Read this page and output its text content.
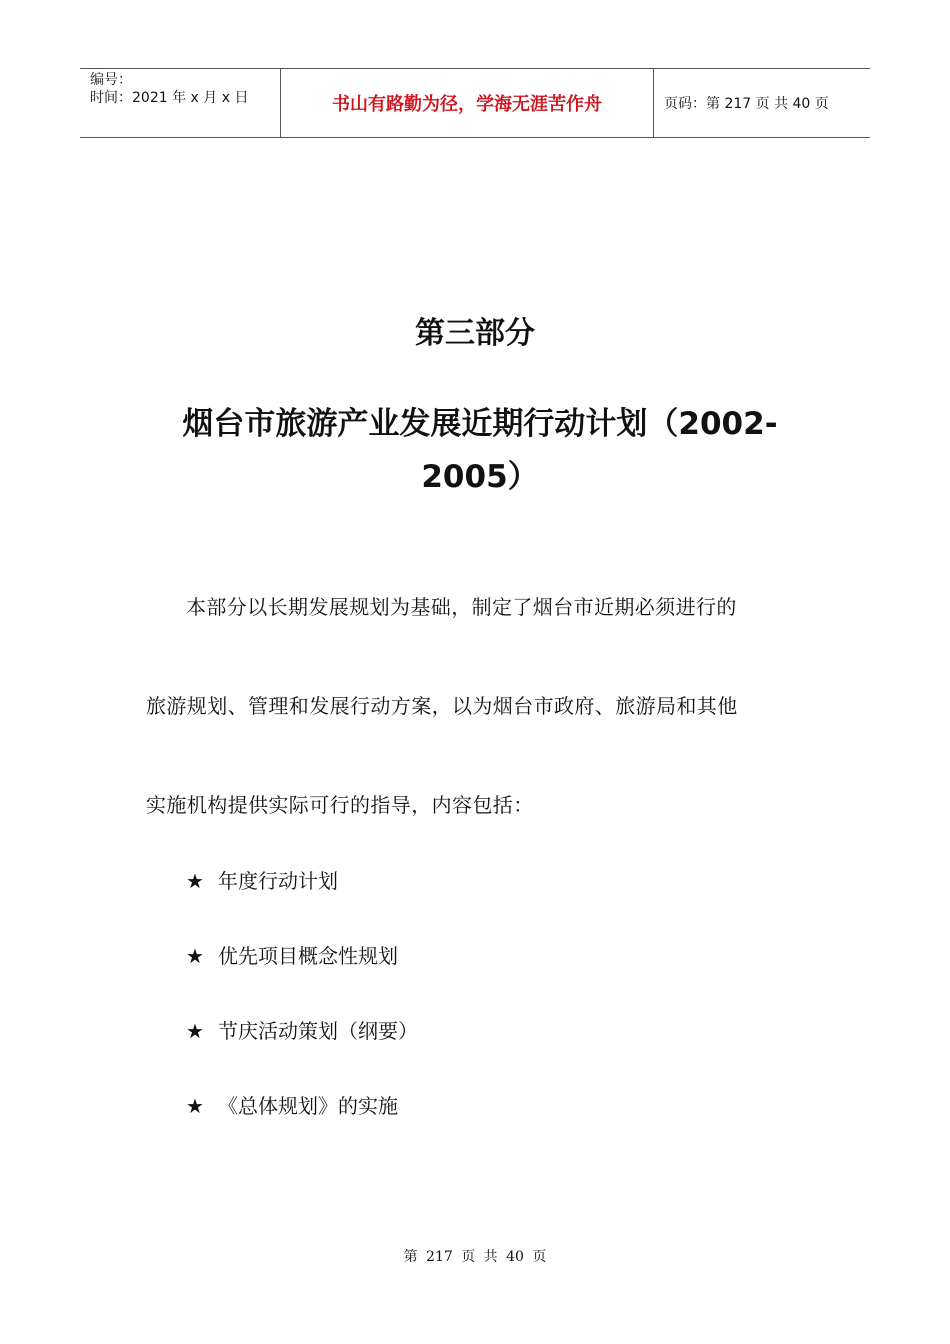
编号：
时间：2021 年 x 月 x 日	书山有路勤为径，学海无涯苦作舟	页码：第 217 页 共 40 页
第三部分
烟台市旅游产业发展近期行动计划（2002-2005）
本部分以长期发展规划为基础，制定了烟台市近期必须进行的
旅游规划、管理和发展行动方案，以为烟台市政府、旅游局和其他
实施机构提供实际可行的指导，内容包括：
★ 年度行动计划
★ 优先项目概念性规划
★ 节庆活动策划（纲要）
★ 《总体规划》的实施
第 217 页 共 40 页
